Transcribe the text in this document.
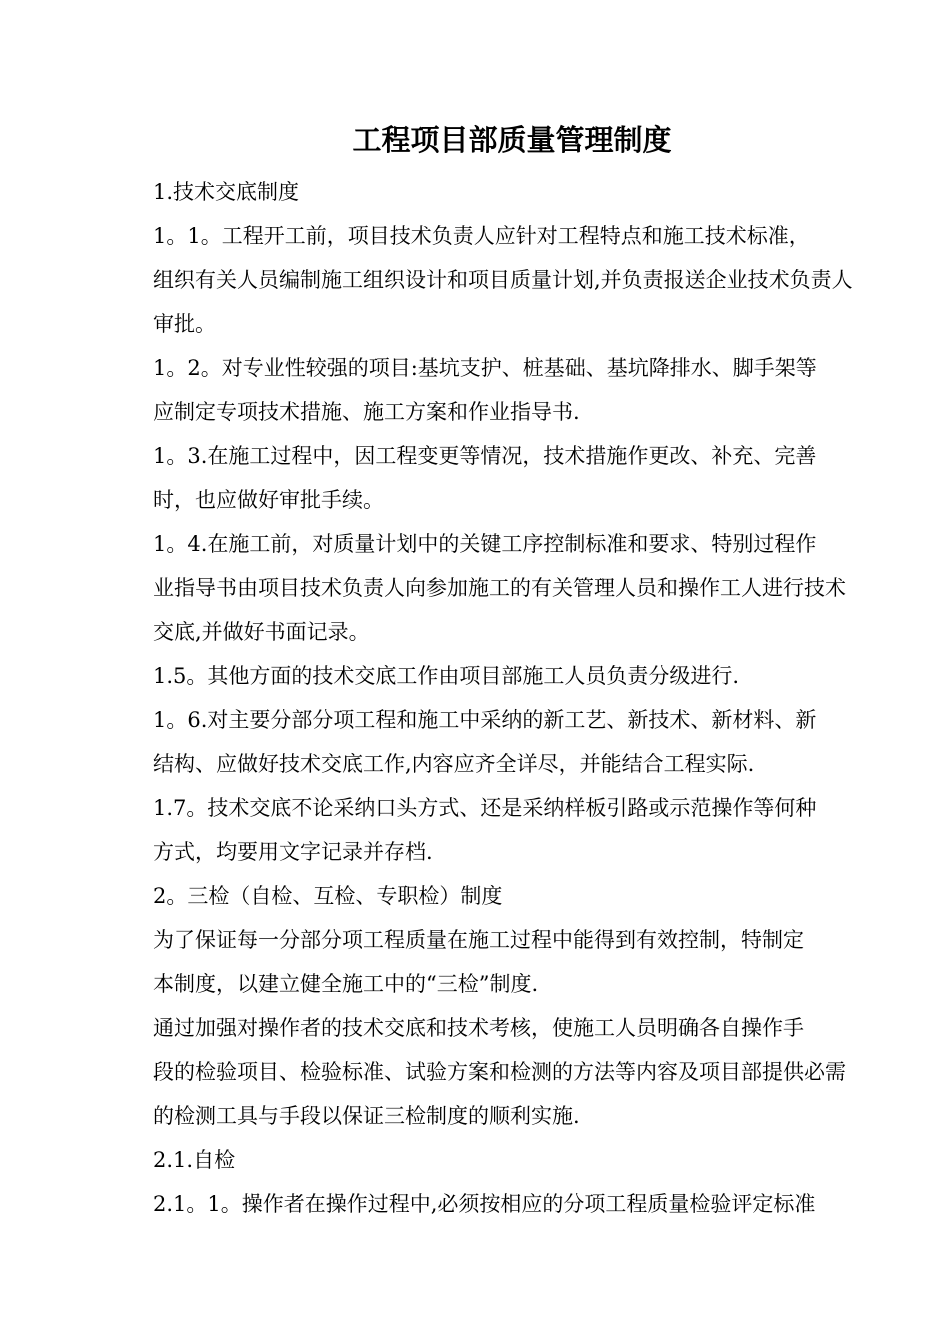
工程项目部质量管理制度

1.技术交底制度

1。1。工程开工前，项目技术负责人应针对工程特点和施工技术标准，
组织有关人员编制施工组织设计和项目质量计划,并负责报送企业技术负责人
审批。

1。2。对专业性较强的项目:基坑支护、桩基础、基坑降排水、脚手架等
应制定专项技术措施、施工方案和作业指导书.

1。3.在施工过程中，因工程变更等情况，技术措施作更改、补充、完善
时，也应做好审批手续。

1。4.在施工前，对质量计划中的关键工序控制标准和要求、特别过程作
业指导书由项目技术负责人向参加施工的有关管理人员和操作工人进行技术
交底,并做好书面记录。

1.5。其他方面的技术交底工作由项目部施工人员负责分级进行.

1。6.对主要分部分项工程和施工中采纳的新工艺、新技术、新材料、新
结构、应做好技术交底工作,内容应齐全详尽，并能结合工程实际.

1.7。技术交底不论采纳口头方式、还是采纳样板引路或示范操作等何种
方式，均要用文字记录并存档.

2。三检（自检、互检、专职检）制度

为了保证每一分部分项工程质量在施工过程中能得到有效控制，特制定
本制度，以建立健全施工中的“三检”制度.

通过加强对操作者的技术交底和技术考核，使施工人员明确各自操作手
段的检验项目、检验标准、试验方案和检测的方法等内容及项目部提供必需
的检测工具与手段以保证三检制度的顺利实施.

2.1.自检

2.1。1。操作者在操作过程中,必须按相应的分项工程质量检验评定标准
